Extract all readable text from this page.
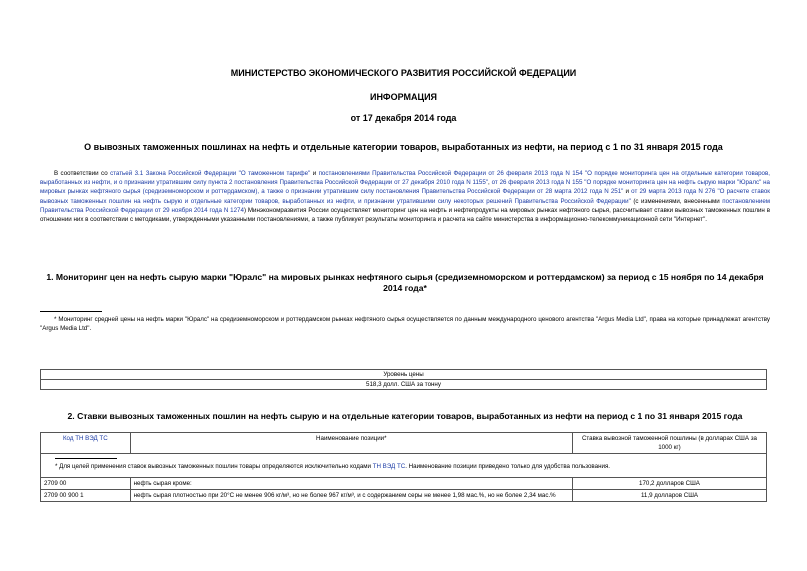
МИНИСТЕРСТВО ЭКОНОМИЧЕСКОГО РАЗВИТИЯ РОССИЙСКОЙ ФЕДЕРАЦИИ
ИНФОРМАЦИЯ
от 17 декабря 2014 года
О вывозных таможенных пошлинах на нефть и отдельные категории товаров, выработанных из нефти, на период с 1 по 31 января 2015 года
В соответствии со статьей 3.1 Закона Российской Федерации "О таможенном тарифе" и постановлениями Правительства Российской Федерации от 26 февраля 2013 года N 154 "О порядке мониторинга цен на отдельные категории товаров, выработанных из нефти, и о признании утратившим силу пункта 2 постановления Правительства Российской Федерации от 27 декабря 2010 года N 1155", от 26 февраля 2013 года N 155 "О порядке мониторинга цен на нефть сырую марки "Юралс" на мировых рынках нефтяного сырья (средиземноморском и роттердамском), а также о признании утратившим силу постановления Правительства Российской Федерации от 28 марта 2012 года N 251" и от 29 марта 2013 года N 276 "О расчете ставок вывозных таможенных пошлин на нефть сырую и отдельные категории товаров, выработанных из нефти, и признании утратившими силу некоторых решений Правительства Российской Федерации" (с изменениями, внесенными постановлением Правительства Российской Федерации от 29 ноября 2014 года N 1274) Минэкономразвития России осуществляет мониторинг цен на нефть и нефтепродукты на мировых рынках нефтяного сырья, рассчитывает ставки вывозных таможенных пошлин в отношении них в соответствии с методиками, утвержденными указанными постановлениями, а также публикует результаты мониторинга и расчета на сайте министерства в информационно-телекоммуникационной сети "Интернет".
1. Мониторинг цен на нефть сырую марки "Юралс" на мировых рынках нефтяного сырья (средиземноморском и роттердамском) за период с 15 ноября по 14 декабря 2014 года*
* Мониторинг средней цены на нефть марки "Юралс" на средиземноморском и роттердамском рынках нефтяного сырья осуществляется по данным международного ценового агентства "Argus Media Ltd", права на которые принадлежат агентству "Argus Media Ltd".
Уровень цены
518,3 долл. США за тонну
2. Ставки вывозных таможенных пошлин на нефть сырую и на отдельные категории товаров, выработанных из нефти на период с 1 по 31 января 2015 года
Код ТН ВЭД ТС	Наименование позиции*	Ставка вывозной таможенной пошлины (в долларах США за 1000 кг)

* Для целей применения ставок вывозных таможенных пошлин товары определяются исключительно кодами ТН ВЭД ТС. Наименование позиции приведено только для удобства пользования.		
2709 00	нефть сырая кроме:	170,2 долларов США
2709 00 900 1	нефть сырая плотностью при 20°C не менее 906 кг/м³, но не более 967 кг/м³, и с содержанием серы не менее 1,98 мас.%, но не более 2,34 мас.%	11,9 долларов США
